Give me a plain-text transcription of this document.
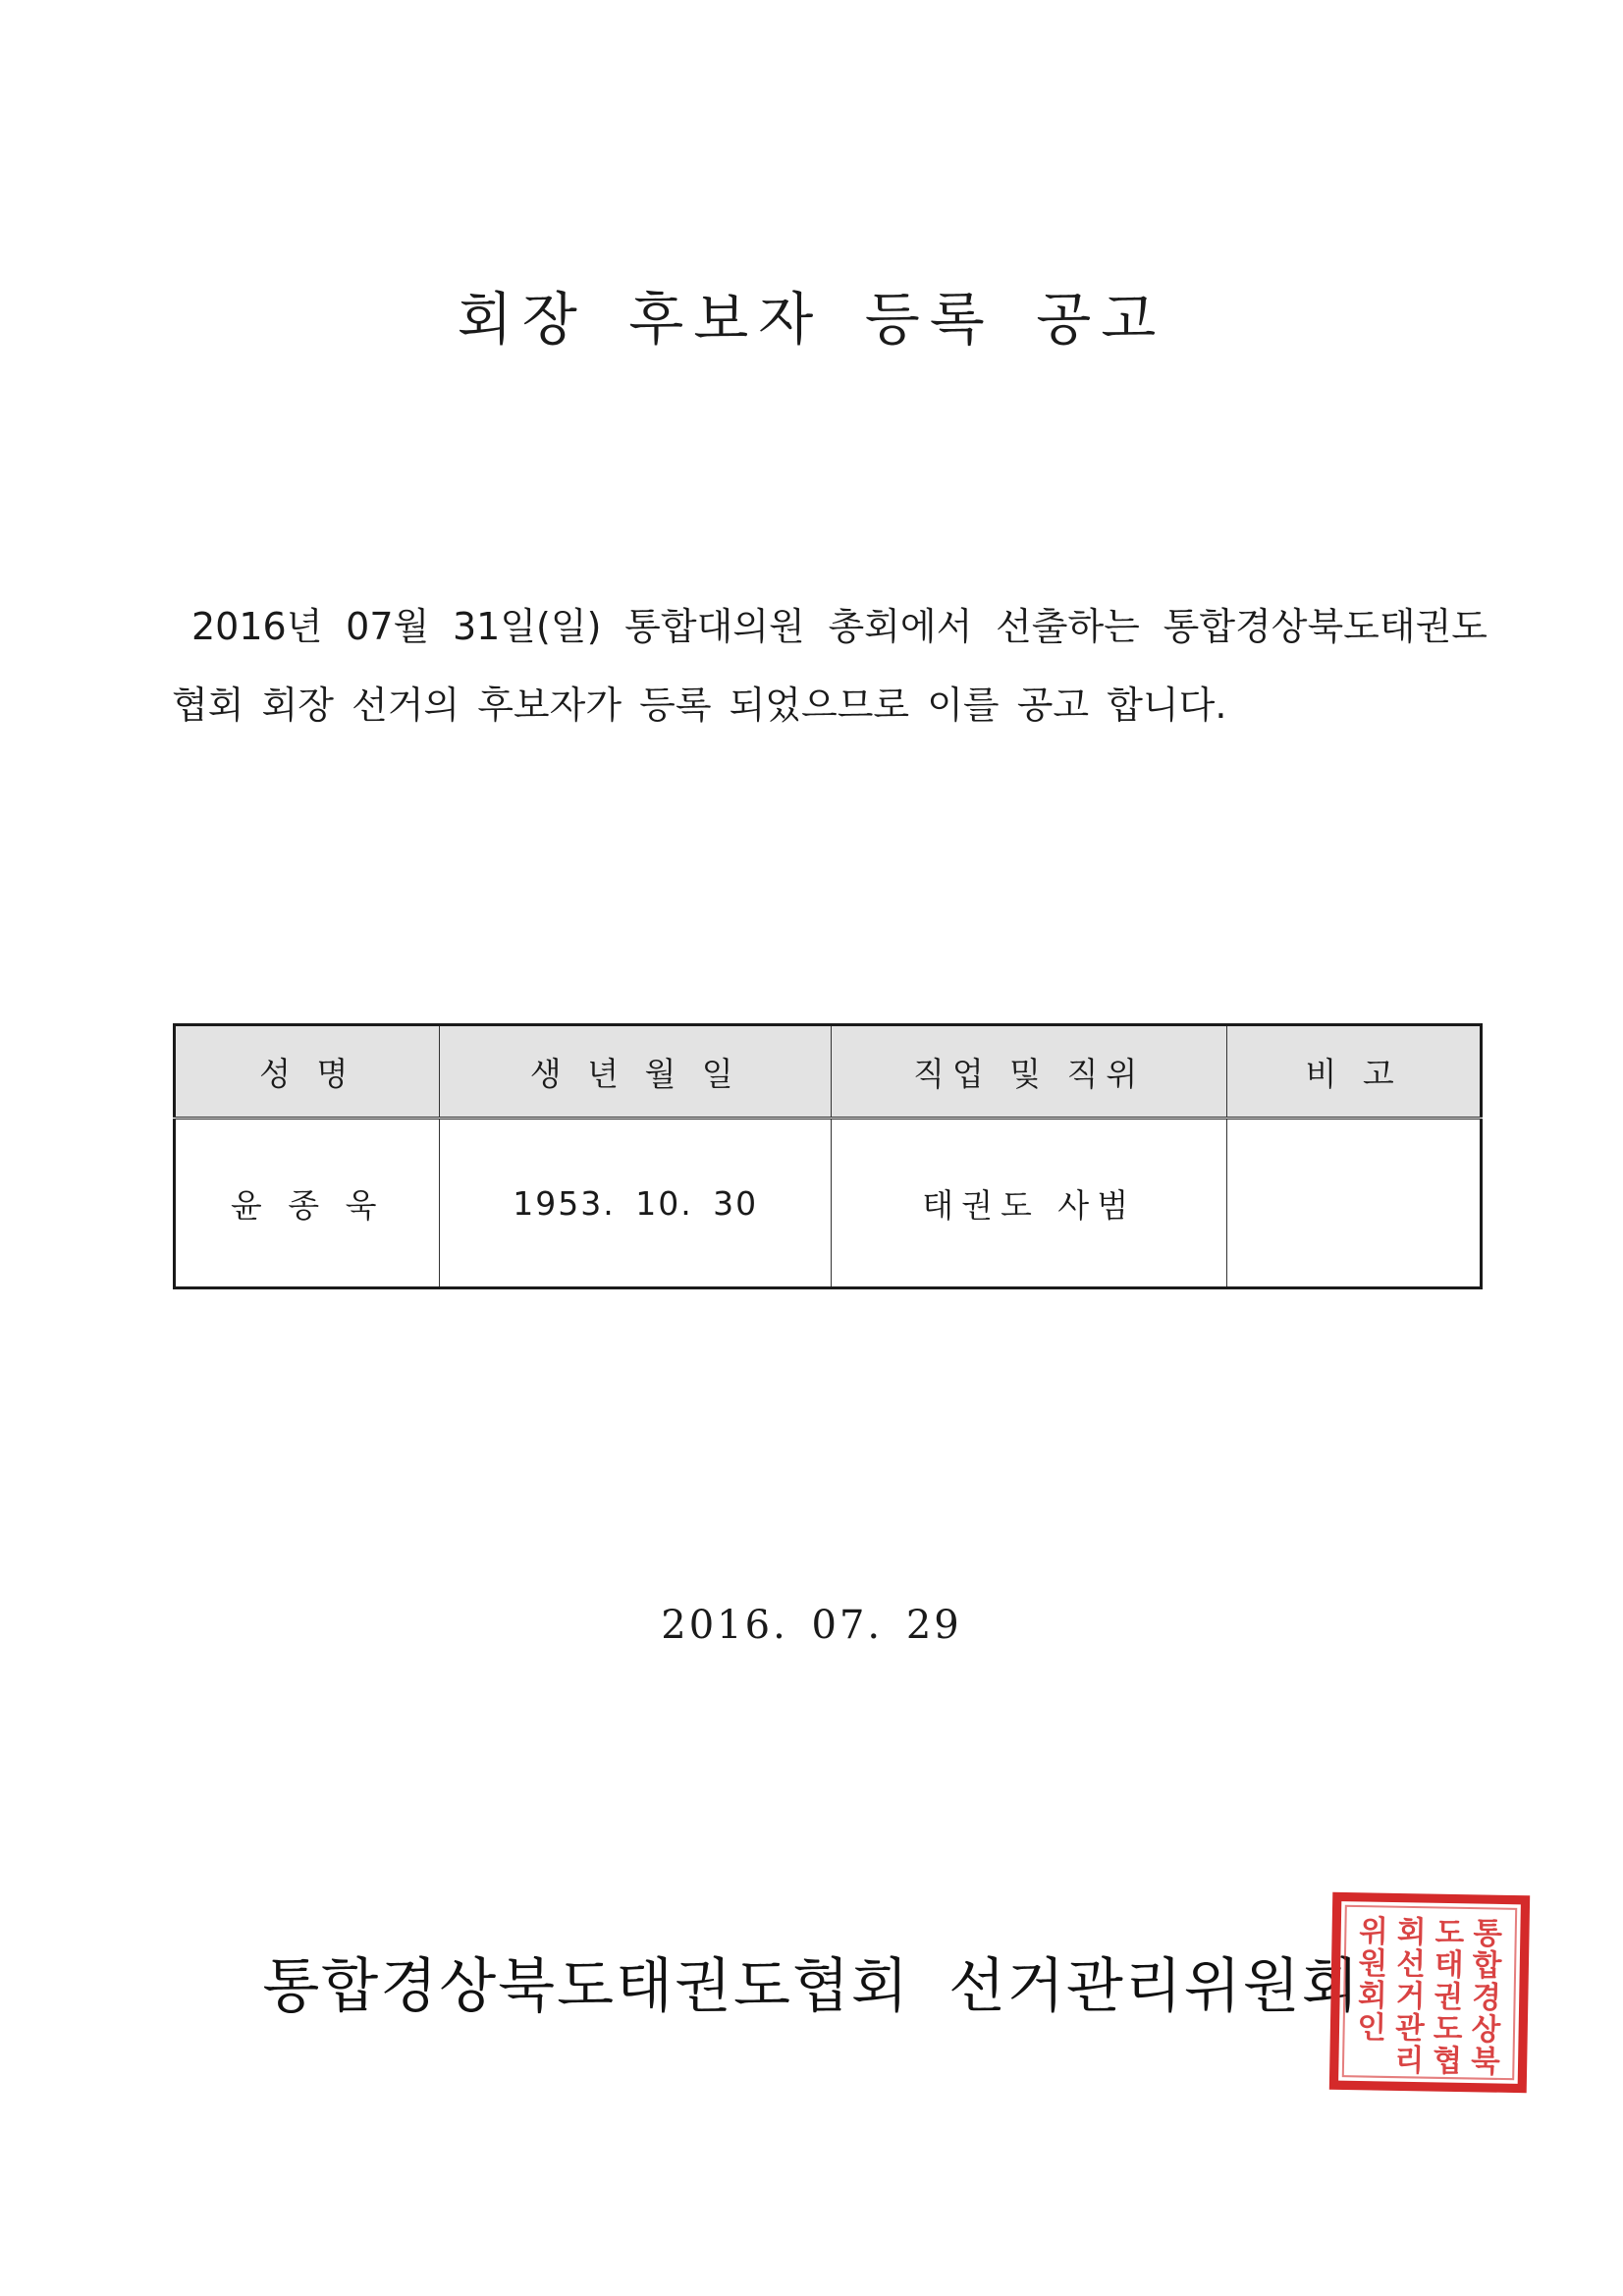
회장 후보자 등록 공고
2016년 07월 31일(일) 통합대의원 총회에서 선출하는 통합경상북도태권도협회 회장 선거의 후보자가 등록 되었으므로 이를 공고 합니다.
성 명	생 년 월 일	직업 및 직위	비 고
윤 종 욱	1953. 10. 30	태권도 사범	
2016. 07. 29
통합경상북도태권도협회 선거관리위원회
통
합
경
상
북
도
태
권
도
협
회
선
거
관
리
위
원
회
인
